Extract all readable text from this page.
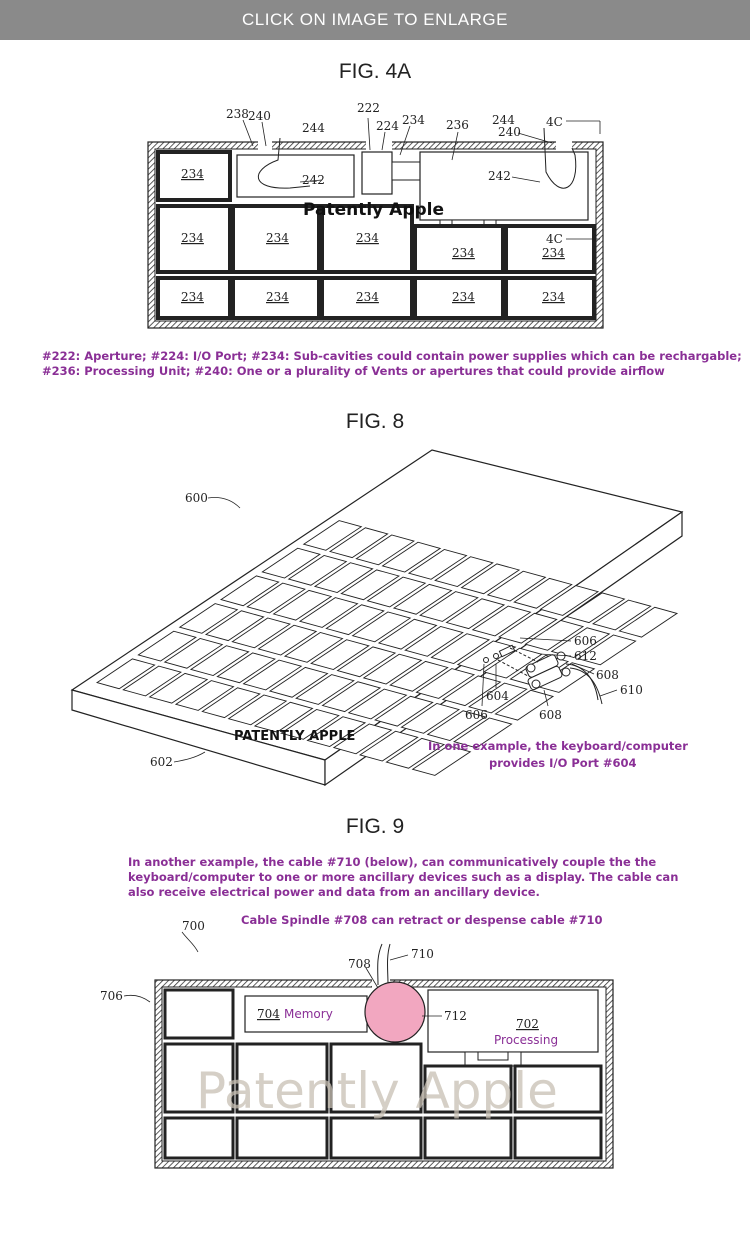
CLICK ON IMAGE TO ENLARGE
FIG. 4A
238 240
244
222
224 234 236 244
240
4C
4C
242	242
234
234	234	234
234	234
234	234	234	234	234
Patently Apple
#222: Aperture; #224: I/O Port; #234: Sub-cavities could contain power supplies which can be rechargable;
#236: Processing Unit; #240: One or a plurality of Vents or apertures that could provide airflow
FIG. 8
600
602
606
612
608
610
604
606	608
PATENTLY APPLE
In one example, the keyboard/computer
provides I/O Port #604
FIG. 9
In another example, the cable #710 (below), can communicatively couple the the
keyboard/computer to one or more ancillary devices such as a display. The cable can
also receive electrical power and data from an ancillary device.
Cable Spindle #708 can retract or despense cable #710
700
706
708
710
712
704 Memory
702
Processing
Patently Apple
